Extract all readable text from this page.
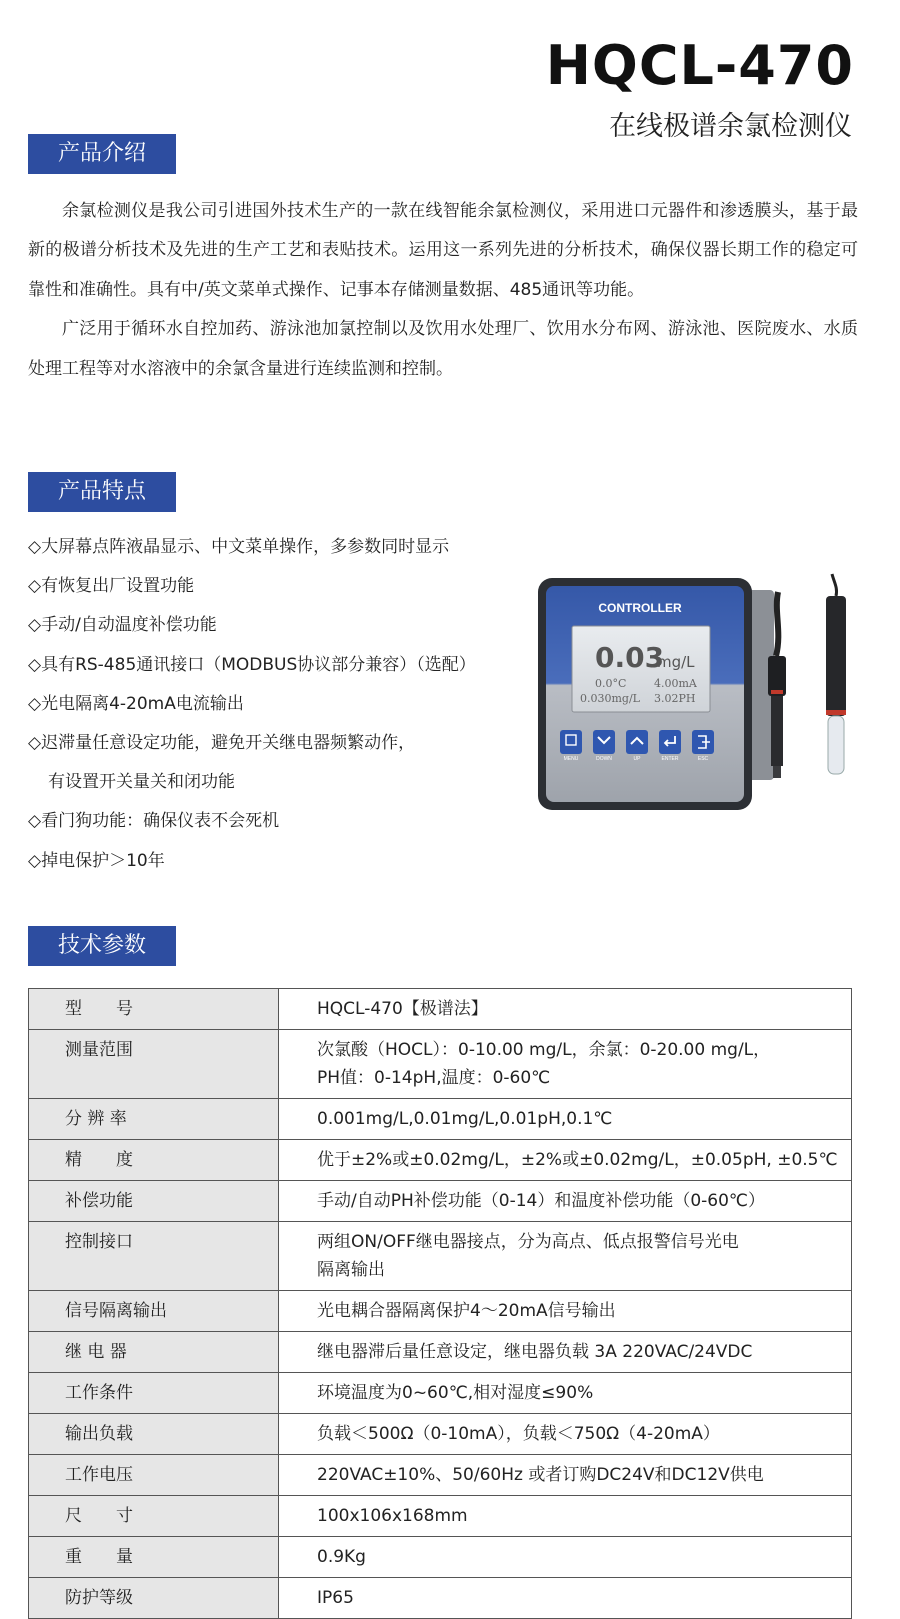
HQCL-470
在线极谱余氯检测仪
产品介绍

余氯检测仪是我公司引进国外技术生产的一款在线智能余氯检测仪，采用进口元器件和渗透膜头，基于最新的极谱分析技术及先进的生产工艺和表贴技术。运用这一系列先进的分析技术，确保仪器长期工作的稳定可靠性和准确性。具有中/英文菜单式操作、记事本存储测量数据、485通讯等功能。

广泛用于循环水自控加药、游泳池加氯控制以及饮用水处理厂、饮用水分布网、游泳池、医院废水、水质处理工程等对水溶液中的余氯含量进行连续监测和控制。

产品特点
◇大屏幕点阵液晶显示、中文菜单操作，多参数同时显示
◇有恢复出厂设置功能
◇手动/自动温度补偿功能
◇具有RS-485通讯接口（MODBUS协议部分兼容）（选配）
◇光电隔离4-20mA电流输出
◇迟滞量任意设定功能，避免开关继电器频繁动作，
有设置开关量关和闭功能
◇看门狗功能：确保仪表不会死机
◇掉电保护＞10年
CONTROLLER
0.03
mg/L
0.0°C	4.00mA
0.030mg/L 3.02PH
MENU	DOWN	UP	ENTER	ESC
技术参数
型　　号	HQCL-470【极谱法】
测量范围	次氯酸（HOCL）：0-10.00 mg/L，余氯：0-20.00 mg/L，
PH值：0-14pH,温度：0-60℃

分 辨 率	0.001mg/L,0.01mg/L,0.01pH,0.1℃
精　　度	优于±2%或±0.02mg/L，±2%或±0.02mg/L，±0.05pH, ±0.5℃
补偿功能	手动/自动PH补偿功能（0-14）和温度补偿功能（0-60℃）
控制接口	两组ON/OFF继电器接点，分为高点、低点报警信号光电
隔离输出

信号隔离输出	光电耦合器隔离保护4～20mA信号输出
继 电 器	继电器滞后量任意设定，继电器负载 3A 220VAC/24VDC
工作条件	环境温度为0~60℃,相对湿度≤90%
输出负载	负载＜500Ω（0-10mA），负载＜750Ω（4-20mA）
工作电压	220VAC±10%、50/60Hz 或者订购DC24V和DC12V供电
尺　　寸	100x106x168mm
重　　量	0.9Kg
防护等级	IP65
